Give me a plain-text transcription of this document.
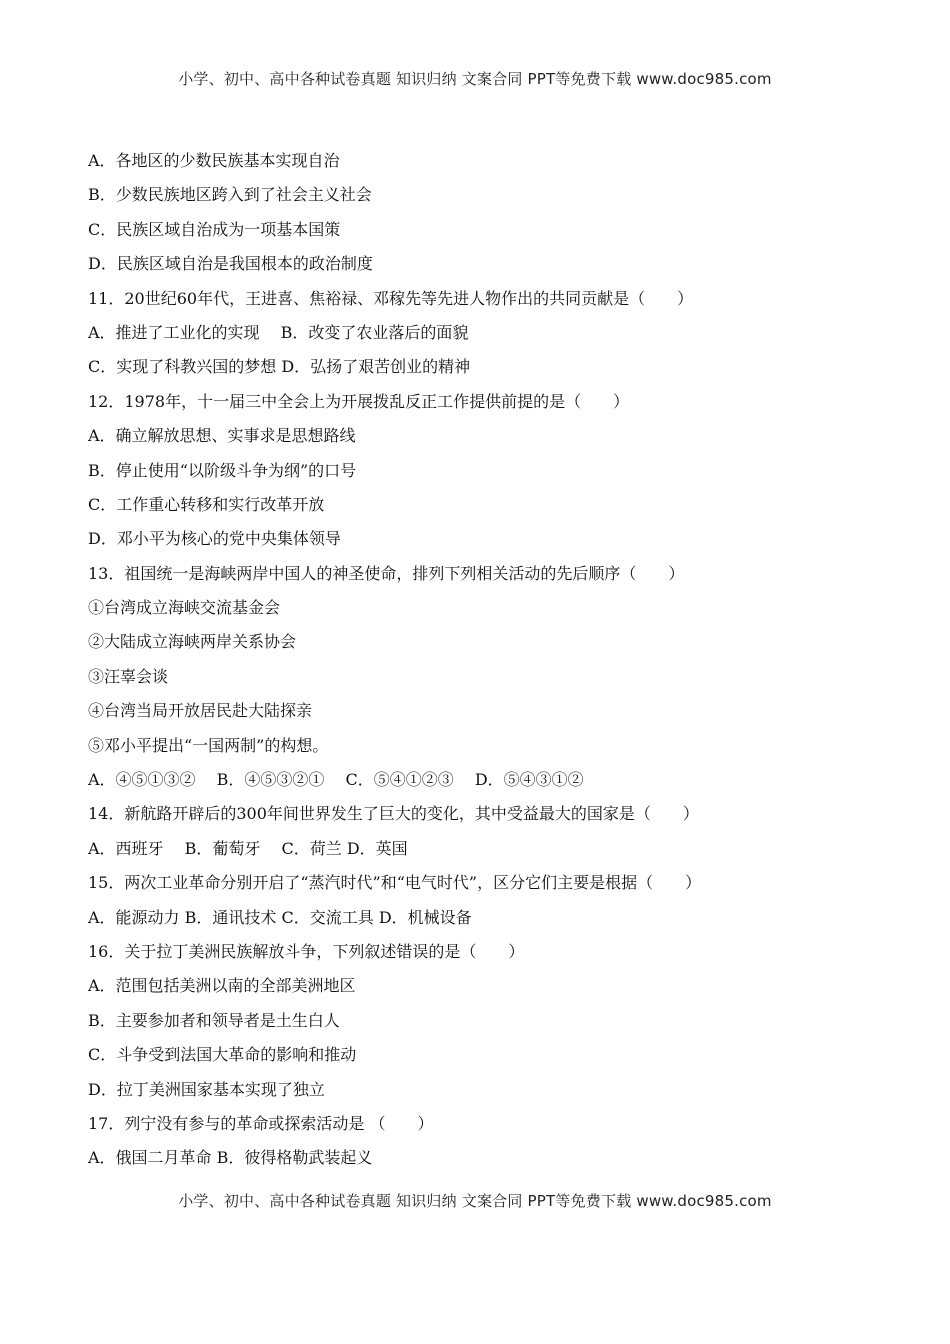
小学、初中、高中各种试卷真题 知识归纳 文案合同 PPT等免费下载 www.doc985.com
A．各地区的少数民族基本实现自治
B．少数民族地区跨入到了社会主义社会
C．民族区域自治成为一项基本国策
D．民族区域自治是我国根本的政治制度
11．20世纪60年代，王进喜、焦裕禄、邓稼先等先进人物作出的共同贡献是（　　）
A．推进了工业化的实现　 B．改变了农业落后的面貌
C．实现了科教兴国的梦想 D．弘扬了艰苦创业的精神
12．1978年，十一届三中全会上为开展拨乱反正工作提供前提的是（　　）
A．确立解放思想、实事求是思想路线
B．停止使用“以阶级斗争为纲”的口号
C．工作重心转移和实行改革开放
D．邓小平为核心的党中央集体领导
13．祖国统一是海峡两岸中国人的神圣使命，排列下列相关活动的先后顺序（　　）
①台湾成立海峡交流基金会
②大陆成立海峡两岸关系协会
③汪辜会谈
④台湾当局开放居民赴大陆探亲
⑤邓小平提出“一国两制”的构想。
A．④⑤①③②　 B．④⑤③②①　 C．⑤④①②③　 D．⑤④③①②
14．新航路开辟后的300年间世界发生了巨大的变化，其中受益最大的国家是（　　）
A．西班牙　 B．葡萄牙　 C．荷兰 D．英国
15．两次工业革命分别开启了“蒸汽时代”和“电气时代”，区分它们主要是根据（　　）
A．能源动力 B．通讯技术 C．交流工具 D．机械设备
16．关于拉丁美洲民族解放斗争，下列叙述错误的是（　　）
A．范围包括美洲以南的全部美洲地区
B．主要参加者和领导者是土生白人
C．斗争受到法国大革命的影响和推动
D．拉丁美洲国家基本实现了独立
17．列宁没有参与的革命或探索活动是 （　　）
A．俄国二月革命 B．彼得格勒武装起义
小学、初中、高中各种试卷真题 知识归纳 文案合同 PPT等免费下载 www.doc985.com
